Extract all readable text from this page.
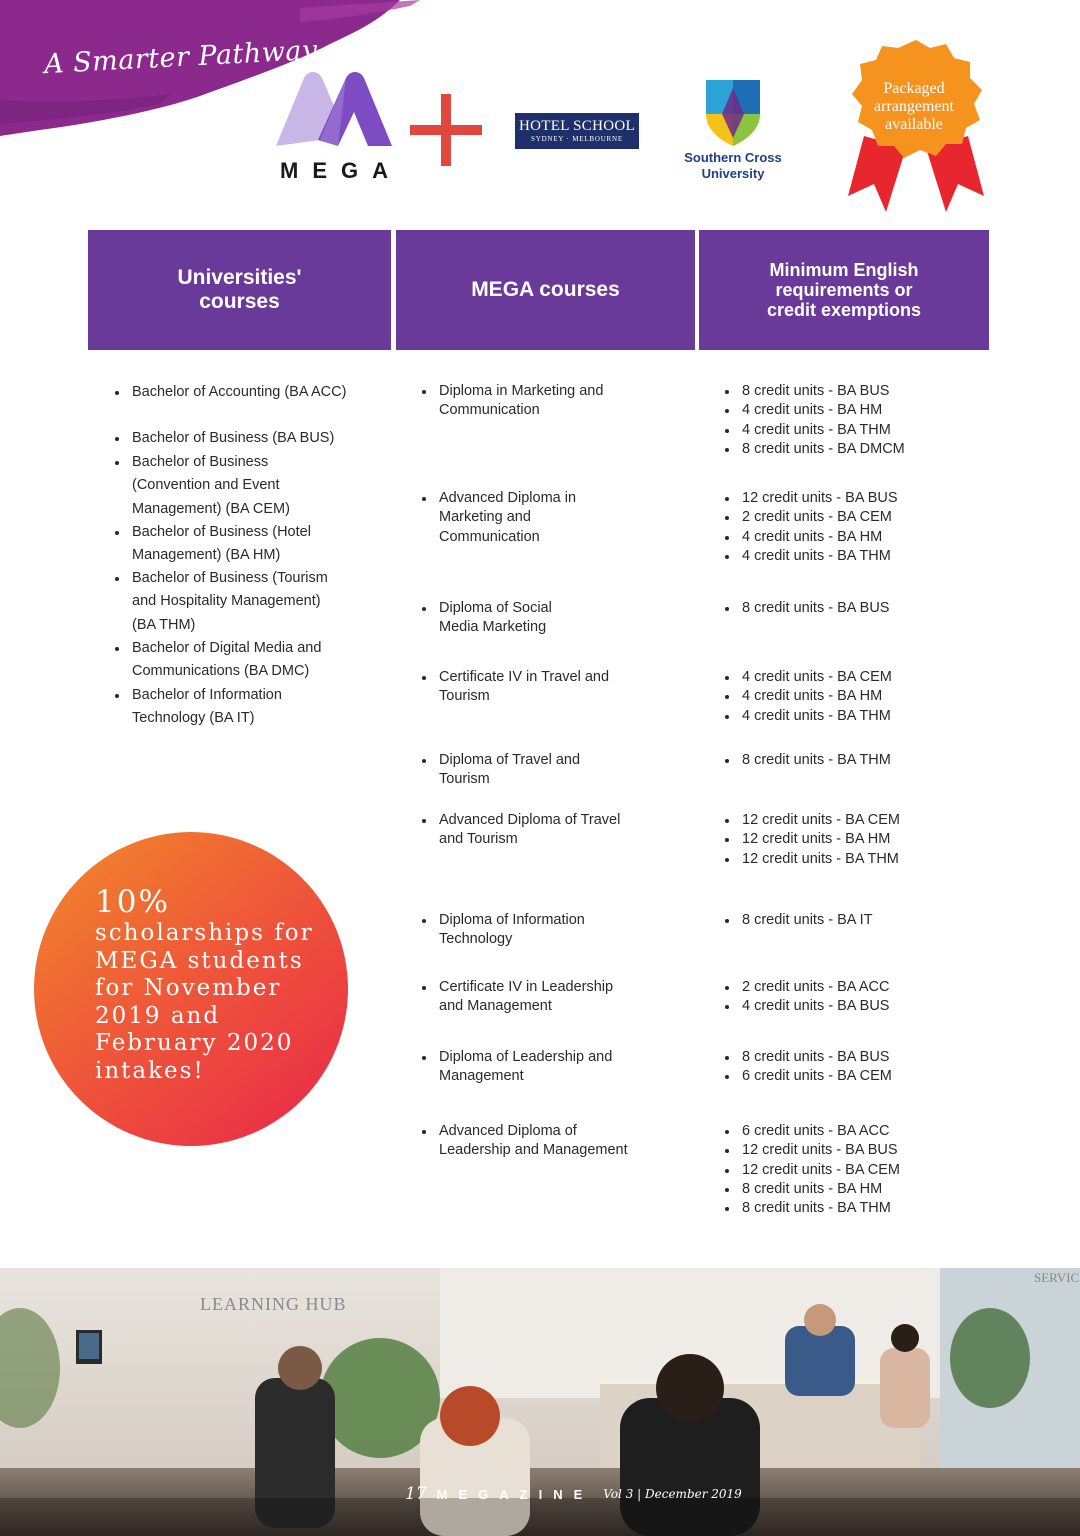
A Smarter Pathway
MEGA
HOTEL SCHOOL
SYDNEY · MELBOURNE
Southern Cross
University
Packaged arrangement available
Universities' courses
MEGA courses
Minimum English requirements or credit exemptions
Bachelor of Accounting (BA ACC)
Bachelor of Business (BA BUS)
Bachelor of Business (Convention and Event Management) (BA CEM)
Bachelor of Business (Hotel Management) (BA HM)
Bachelor of Business (Tourism and Hospitality Management) (BA THM)
Bachelor of Digital Media and Communications (BA DMC)
Bachelor of Information Technology (BA IT)
Diploma in Marketing and Communication
8 credit units - BA BUS
4 credit units - BA HM
4 credit units - BA THM
8 credit units - BA DMCM
Advanced Diploma in Marketing and Communication
12 credit units - BA BUS
2 credit units - BA CEM
4 credit units - BA HM
4 credit units - BA THM
Diploma of Social Media Marketing
8 credit units - BA BUS
Certificate IV in Travel and Tourism
4 credit units - BA CEM
4 credit units - BA HM
4 credit units - BA THM
Diploma of Travel and Tourism
8 credit units - BA THM
Advanced Diploma of Travel and Tourism
12 credit units - BA CEM
12 credit units - BA HM
12 credit units - BA THM
Diploma of Information Technology
8 credit units - BA IT
Certificate IV in Leadership and Management
2 credit units - BA ACC
4 credit units - BA BUS
Diploma of Leadership and Management
8 credit units - BA BUS
6 credit units - BA CEM
Advanced Diploma of Leadership and Management
6 credit units - BA ACC
12 credit units - BA BUS
12 credit units - BA CEM
8 credit units - BA HM
8 credit units - BA THM
10%
scholarships for MEGA students for November 2019 and February 2020 intakes!
LEARNING HUB
SERVIC
17 MEGAZINE Vol 3 | December 2019
